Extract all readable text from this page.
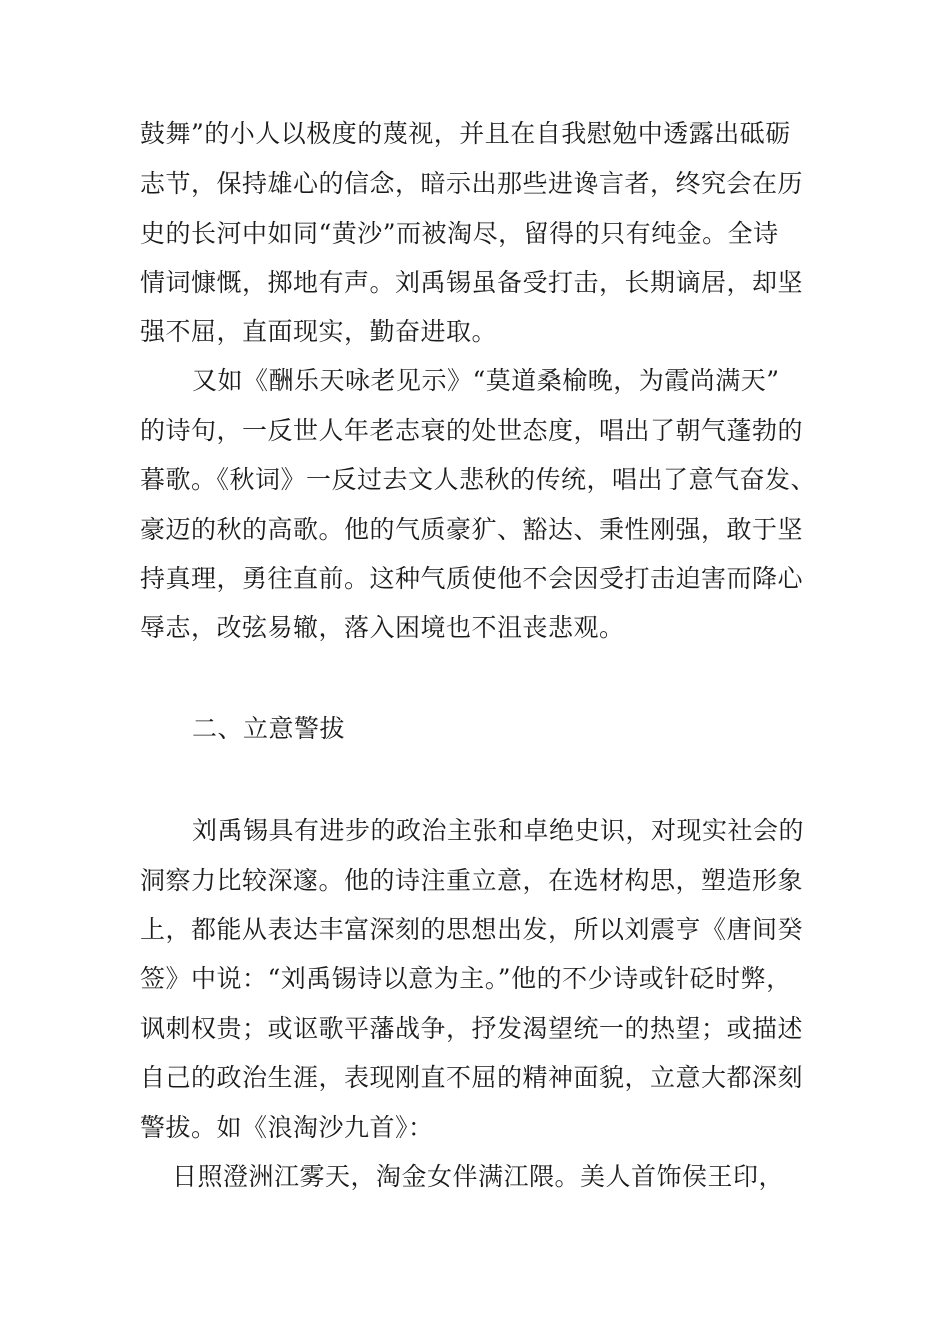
鼓舞”的小人以极度的蔑视，并且在自我慰勉中透露出砥砺
志节，保持雄心的信念，暗示出那些进谗言者，终究会在历
史的长河中如同“黄沙”而被淘尽，留得的只有纯金。全诗
情词慷慨，掷地有声。刘禹锡虽备受打击，长期谪居，却坚
强不屈，直面现实，勤奋进取。
又如《酬乐天咏老见示》“莫道桑榆晚，为霞尚满天”
的诗句，一反世人年老志衰的处世态度，唱出了朝气蓬勃的
暮歌。《秋词》一反过去文人悲秋的传统，唱出了意气奋发、
豪迈的秋的高歌。他的气质豪犷、豁达、秉性刚强，敢于坚
持真理，勇往直前。这种气质使他不会因受打击迫害而降心
辱志，改弦易辙，落入困境也不沮丧悲观。
二、立意警拔
刘禹锡具有进步的政治主张和卓绝史识，对现实社会的
洞察力比较深邃。他的诗注重立意，在选材构思，塑造形象
上，都能从表达丰富深刻的思想出发，所以刘震亨《唐间癸
签》中说：“刘禹锡诗以意为主。”他的不少诗或针砭时弊，
讽刺权贵；或讴歌平藩战争，抒发渴望统一的热望；或描述
自己的政治生涯，表现刚直不屈的精神面貌，立意大都深刻
警拔。如《浪淘沙九首》：
日照澄洲江雾天，淘金女伴满江隈。美人首饰侯王印，
